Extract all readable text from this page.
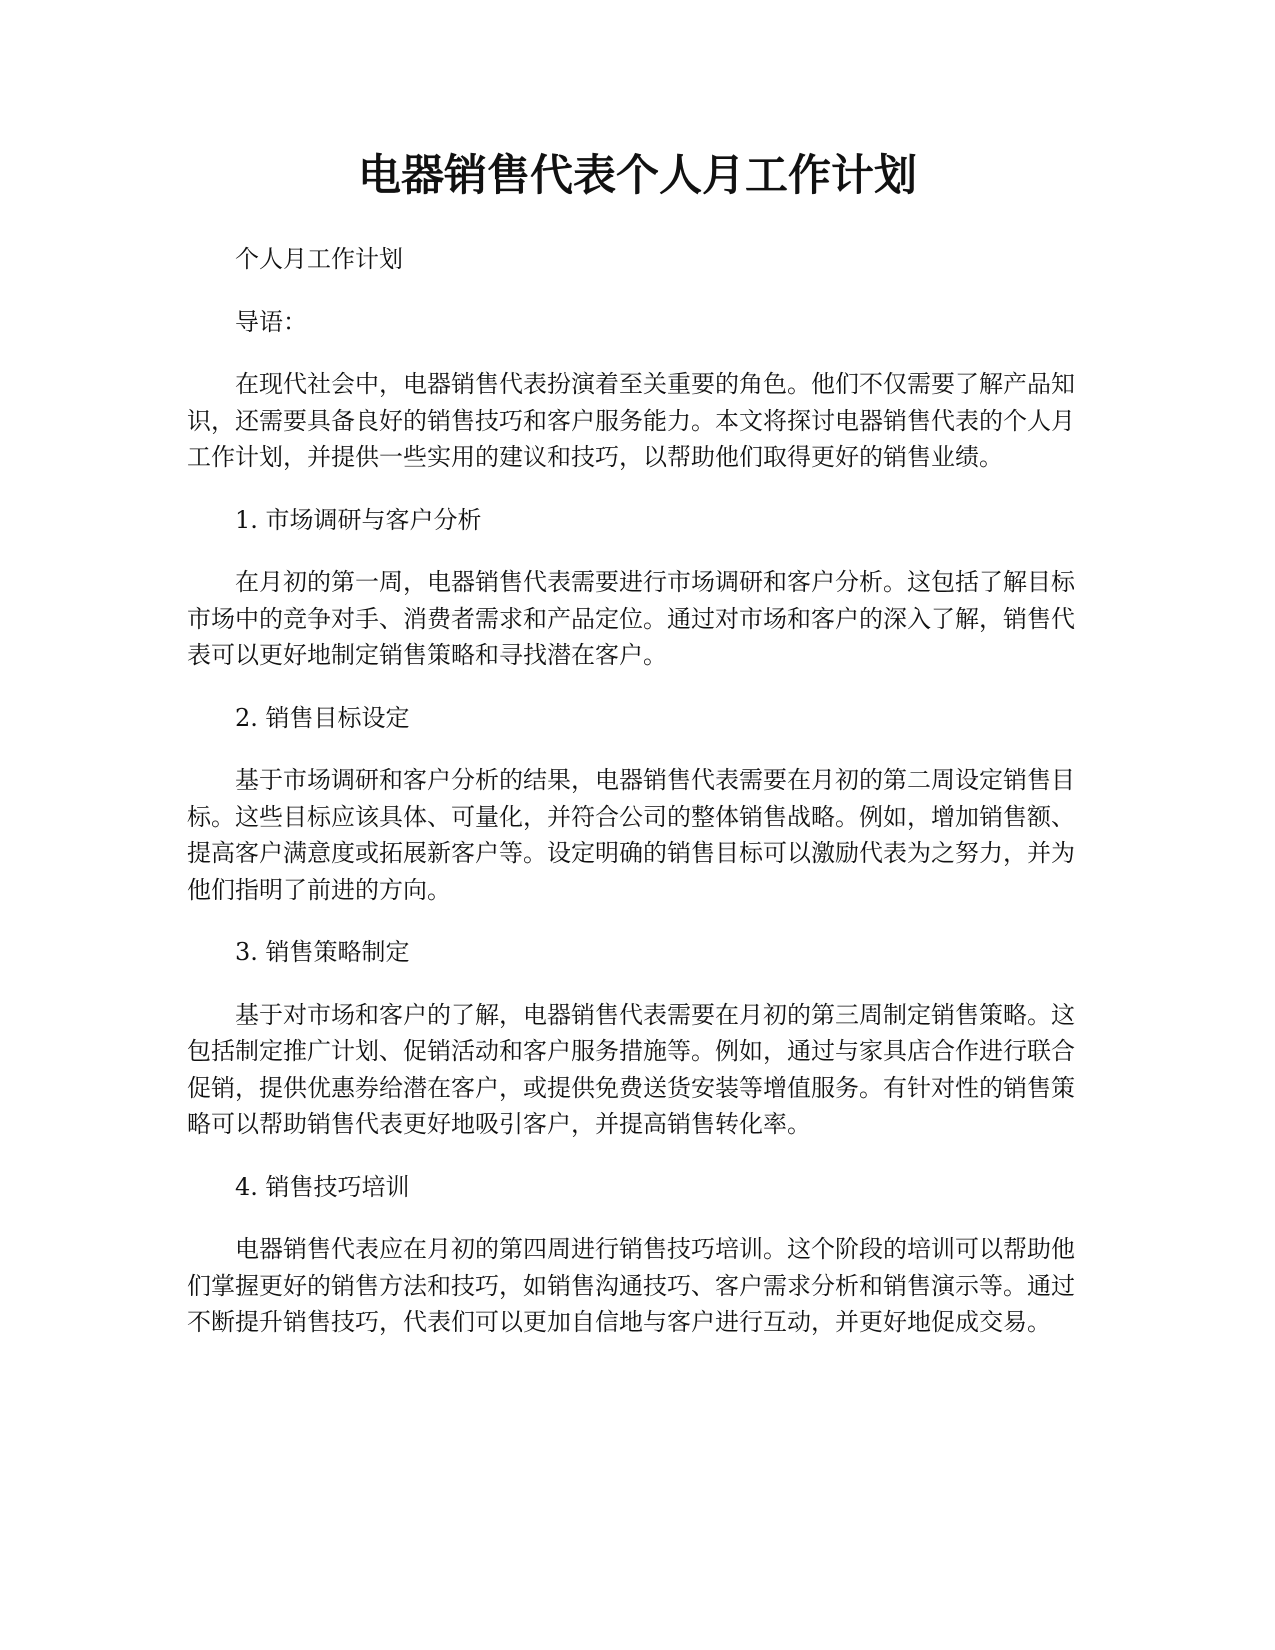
电器销售代表个人月工作计划

个人月工作计划

导语：

在现代社会中，电器销售代表扮演着至关重要的角色。他们不仅需要了解产品知识，还需要具备良好的销售技巧和客户服务能力。本文将探讨电器销售代表的个人月工作计划，并提供一些实用的建议和技巧，以帮助他们取得更好的销售业绩。

1. 市场调研与客户分析

在月初的第一周，电器销售代表需要进行市场调研和客户分析。这包括了解目标市场中的竞争对手、消费者需求和产品定位。通过对市场和客户的深入了解，销售代表可以更好地制定销售策略和寻找潜在客户。

2. 销售目标设定

基于市场调研和客户分析的结果，电器销售代表需要在月初的第二周设定销售目标。这些目标应该具体、可量化，并符合公司的整体销售战略。例如，增加销售额、提高客户满意度或拓展新客户等。设定明确的销售目标可以激励代表为之努力，并为他们指明了前进的方向。

3. 销售策略制定

基于对市场和客户的了解，电器销售代表需要在月初的第三周制定销售策略。这包括制定推广计划、促销活动和客户服务措施等。例如，通过与家具店合作进行联合促销，提供优惠券给潜在客户，或提供免费送货安装等增值服务。有针对性的销售策略可以帮助销售代表更好地吸引客户，并提高销售转化率。

4. 销售技巧培训

电器销售代表应在月初的第四周进行销售技巧培训。这个阶段的培训可以帮助他们掌握更好的销售方法和技巧，如销售沟通技巧、客户需求分析和销售演示等。通过不断提升销售技巧，代表们可以更加自信地与客户进行互动，并更好地促成交易。
